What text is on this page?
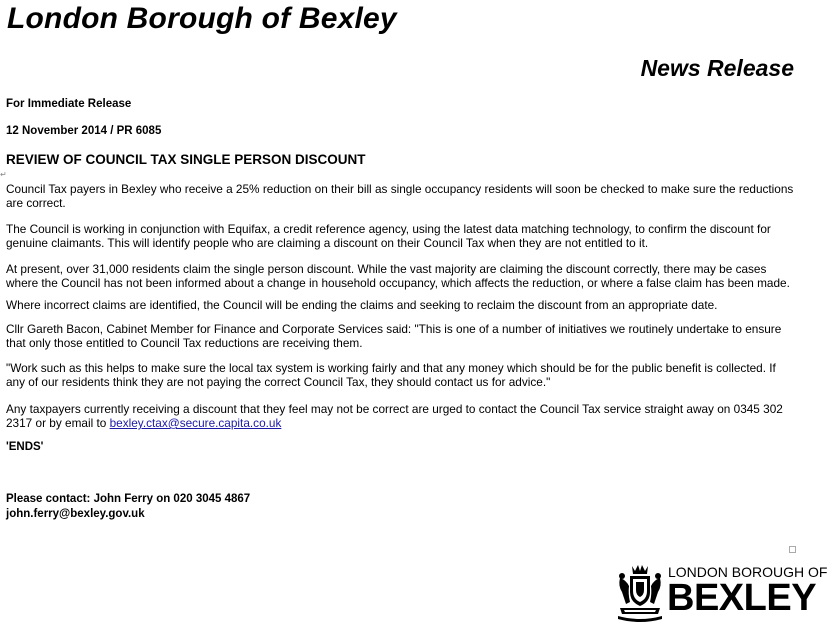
London Borough of Bexley
News Release
For Immediate Release
12 November 2014 / PR 6085
REVIEW OF COUNCIL TAX SINGLE PERSON DISCOUNT
↵

Council Tax payers in Bexley who receive a 25% reduction on their bill as single occupancy residents will soon be checked to make sure the reductions are correct.

The Council is working in conjunction with Equifax, a credit reference agency, using the latest data matching technology, to confirm the discount for genuine claimants. This will identify people who are claiming a discount on their Council Tax when they are not entitled to it.

At present, over 31,000 residents claim the single person discount. While the vast majority are claiming the discount correctly, there may be cases where the Council has not been informed about a change in household occupancy, which affects the reduction, or where a false claim has been made.

Where incorrect claims are identified, the Council will be ending the claims and seeking to reclaim the discount from an appropriate date.

Cllr Gareth Bacon, Cabinet Member for Finance and Corporate Services said: "This is one of a number of initiatives we routinely undertake to ensure that only those entitled to Council Tax reductions are receiving them.

"Work such as this helps to make sure the local tax system is working fairly and that any money which should be for the public benefit is collected. If any of our residents think they are not paying the correct Council Tax, they should contact us for advice."

Any taxpayers currently receiving a discount that they feel may not be correct are urged to contact the Council Tax service straight away on 0345 302 2317 or by email to bexley.ctax@secure.capita.co.uk

'ENDS'
Please contact: John Ferry on 020 3045 4867
john.ferry@bexley.gov.uk
LONDON BOROUGH OF
BEXLEY
